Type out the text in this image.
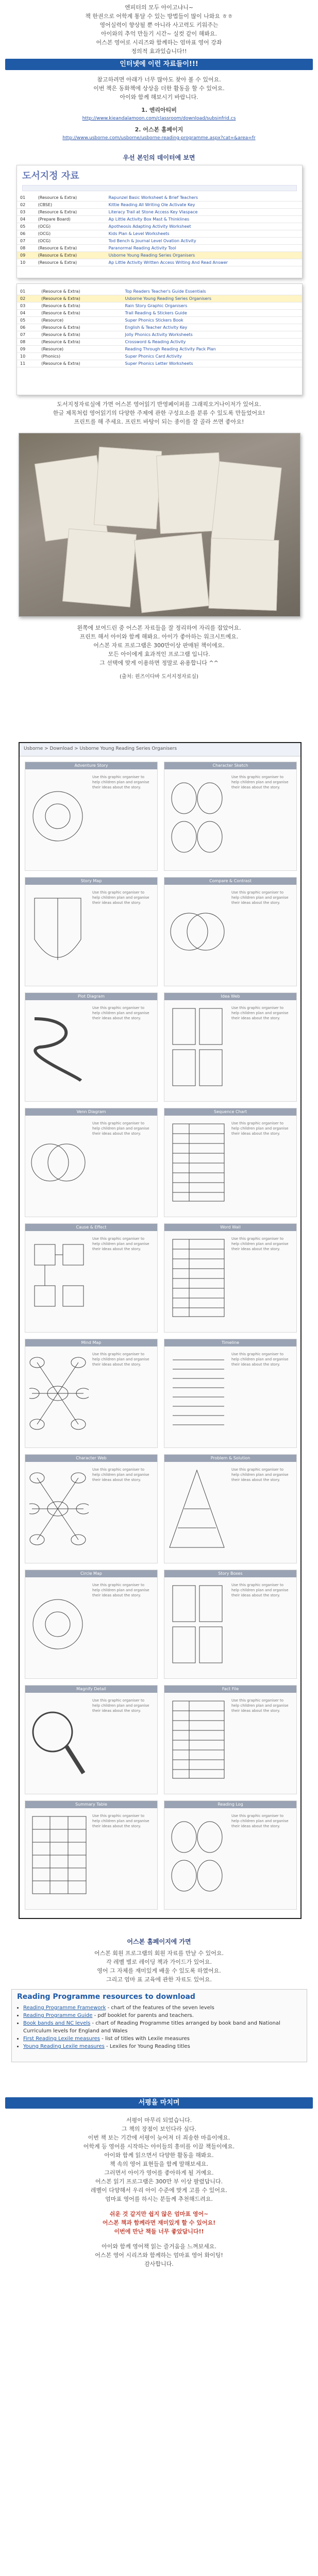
엔피터의 모두 아이고냐니~
책 한권으로 어학계 통달 수 있는 방법들이 많이 나와요 ㅎㅎ
영어실력이 향상될 뿐 아니라 사고력도 키워주는
아이와의 추억 만들기 시간~ 실컷 같이 해봐요.
어스본 영어로 시리즈와 함께하는 엄마표 영어 강좌
정의적 효과있습니다!!
인터넷에 이런 자료들이!!!
참고하려면 아래가 너무 많아도 찾아 볼 수 있어요.
이번 책은 동화책에 상상을 더한 활동을 할 수 있어요.
아이와 함께 해보시기 바랍니다.
1. 엔리아티비
http://www.kieandalamoon.com/classroom/download/subsinfrid.cs
2. 어스본 홈페이지
http://www.usborne.com/usborne/usborne-reading-programme.aspx?cat=&area=fr
우선 본인의 데이터에 보면
도서지정 자료
01	(Resource & Extra)	Rapunzel Basic Worksheet & Brief Teachers
02	(CBSE)	Kittie Reading All Writing Ole Activate Key
03	(Resource & Extra)	Literacy Trail at Stone Access Key Vlaspace
04	(Prepare Board)	Ap Little Activity Box Mast & Thinklines
05	(OCG)	Apotheosis Adapting Activity Worksheet
06	(OCG)	Kids Plan & Level Worksheets
07	(OCG)	Tod Bench & Journal Level Ovation Activity
08	(Resource & Extra)	Paranormal Reading Activity Tool
09	(Resource & Extra)	Usborne Young Reading Series Organisers
10	(Resource & Extra)	Ap Little Activity Written Access Writing And Read Answer
01	(Resource & Extra)	Top Readers Teacher's Guide Essentials
02	(Resource & Extra)	Usborne Young Reading Series Organisers
03	(Resource & Extra)	Rain Story Graphic Organisers
04	(Resource & Extra)	Trail Reading & Stickers Guide
05	(Resource)	Super Phonics Stickers Book
06	(Resource & Extra)	English & Teacher Activity Key
07	(Resource & Extra)	Jolly Phonics Activity Worksheets
08	(Resource & Extra)	Crossword & Reading Activity
09	(Resource)	Reading Through Reading Activity Pack Plan
10	(Phonics)	Super Phonics Card Activity
11	(Resource & Extra)	Super Phonics Letter Worksheets
도서지정자료실에 가면 어스본 영어읽기 반영페이퍼를 그래픽오거나이저가 있어요.
한글 제목처럼 영어읽기의 다양한 주제에 관한 구성요소를 분류 수 있도록 만들었어요!
프린트를 해 주세요. 프린트 바탕이 되는 종이를 잘 골라 쓰면 좋아요!
왼쪽에 보여드린 중 어스본 자료들을 잘 정리하여 자리를 잡았어요.
프린트 해서 아이와 함께 해봐요. 아이가 좋아하는 워크시트예요.
어스본 자료 프로그램은 300만이상 판매된 책이에요.
모든 아이에게 효과적인 프로그램 입니다.
그 선택에 맞게 이용하면 정말로 유용합니다 ^^
(출처: 윈즈이다바 도서지정자료실)
Usborne > Download > Usborne Young Reading Series Organisers
Adventure Story
Use this graphic organiser to help children plan and organise their ideas about the story.
Character Sketch
Use this graphic organiser to help children plan and organise their ideas about the story.
Story Map
Use this graphic organiser to help children plan and organise their ideas about the story.
Compare & Contrast
Use this graphic organiser to help children plan and organise their ideas about the story.
Plot Diagram
Use this graphic organiser to help children plan and organise their ideas about the story.
Idea Web
Use this graphic organiser to help children plan and organise their ideas about the story.
Venn Diagram
Use this graphic organiser to help children plan and organise their ideas about the story.
Sequence Chart
Use this graphic organiser to help children plan and organise their ideas about the story.
Cause & Effect
Use this graphic organiser to help children plan and organise their ideas about the story.
Word Wall
Use this graphic organiser to help children plan and organise their ideas about the story.
Mind Map
Use this graphic organiser to help children plan and organise their ideas about the story.
Timeline
Use this graphic organiser to help children plan and organise their ideas about the story.
Character Web
Use this graphic organiser to help children plan and organise their ideas about the story.
Problem & Solution
Use this graphic organiser to help children plan and organise their ideas about the story.
Circle Map
Use this graphic organiser to help children plan and organise their ideas about the story.
Story Boxes
Use this graphic organiser to help children plan and organise their ideas about the story.
Magnify Detail
Use this graphic organiser to help children plan and organise their ideas about the story.
Fact File
Use this graphic organiser to help children plan and organise their ideas about the story.
Summary Table
Use this graphic organiser to help children plan and organise their ideas about the story.
Reading Log
Use this graphic organiser to help children plan and organise their ideas about the story.
어스본 홈페이지에 가면
어스본 회원 프로그램의 회원 자료를 만날 수 있어요.
각 레벨 별로 레이딩 책과 가이드가 있어요.
영어 그 자체를 재미있게 배울 수 있도록 하였어요.
그리고 엄마 표 교육에 관한 자료도 있어요.
Reading Programme resources to download
• Reading Programme Framework - chart of the features of the seven levels
• Reading Programme Guide - pdf booklet for parents and teachers.
• Book bands and NC levels - chart of Reading Programme titles arranged by book band and National Curriculum levels for England and Wales
• First Reading Lexile measures - list of titles with Lexile measures
• Young Reading Lexile measures - Lexiles for Young Reading titles
서평을 마치며
서평이 마무리 되었습니다.
그 책의 장점이 보인다라 싶다.
이번 책 보는 기간에 서평이 늦어져 더 죄송한 마음이에요.
어학계 등 영어를 시작하는 아이들의 흥미를 이끌 책들이에요.
아이와 함께 읽으면서 다양한 활동을 해봐요.
책 속의 영어 표현들을 함께 말해보세요.
그러면서 아이가 영어를 좋아하게 될 거예요.
어스본 읽기 프로그램은 300만 부 이상 팔렸답니다.
레벨이 다양해서 우리 아이 수준에 맞게 고를 수 있어요.
엄마표 영어를 하시는 분들께 추천해드려요.
쉬운 것 같지만 쉽지 않은 엄마표 영어~
어스본 책과 함께라면 재미있게 할 수 있어요!
이번에 만난 책들 너무 좋았답니다!!
아이와 함께 영어책 읽는 즐거움을 느껴보세요.
어스본 영어 시리즈와 함께하는 엄마표 영어 화이팅!
감사합니다.
